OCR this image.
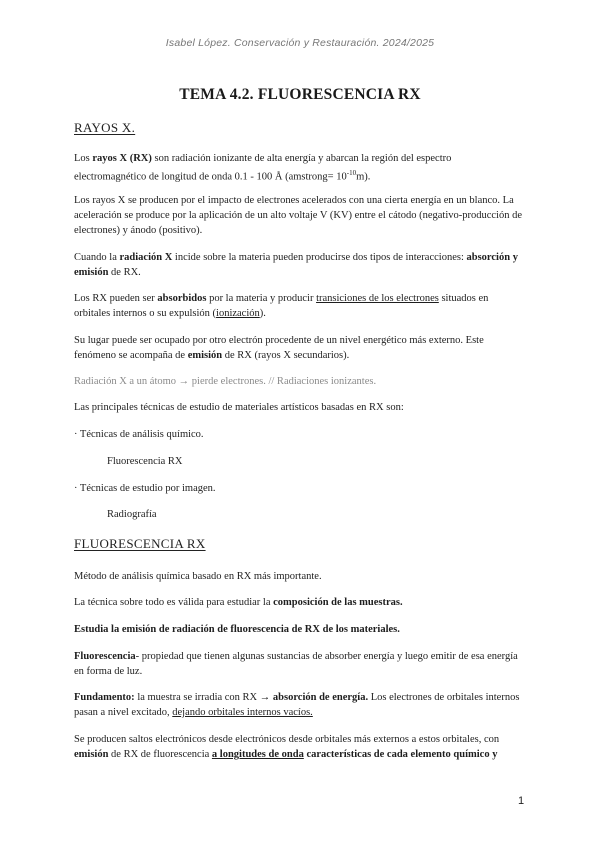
Isabel López. Conservación y Restauración. 2024/2025
TEMA 4.2. FLUORESCENCIA RX
RAYOS X.

Los rayos X (RX) son radiación ionizante de alta energía y abarcan la región del espectro electromagnético de longitud de onda 0.1 - 100 Å (amstrong= $10^{-10}m$).

Los rayos X se producen por el impacto de electrones acelerados con una cierta energía en un blanco. La aceleración se produce por la aplicación de un alto voltaje V (KV) entre el cátodo (negativo-producción de electrones) y ánodo (positivo).

Cuando la radiación X incide sobre la materia pueden producirse dos tipos de interacciones: absorción y emisión de RX.

Los RX pueden ser absorbidos por la materia y producir transiciones de los electrones situados en orbitales internos o su expulsión (ionización).

Su lugar puede ser ocupado por otro electrón procedente de un nivel energético más externo. Este fenómeno se acompaña de emisión de RX (rayos X secundarios).

Radiación X a un átomo → pierde electrones. // Radiaciones ionizantes.

Las principales técnicas de estudio de materiales artísticos basadas en RX son:

· Técnicas de análisis químico.

Fluorescencia RX

· Técnicas de estudio por imagen.

Radiografía

FLUORESCENCIA RX

Método de análisis química basado en RX más importante.

La técnica sobre todo es válida para estudiar la composición de las muestras.

Estudia la emisión de radiación de fluorescencia de RX de los materiales.

Fluorescencia- propiedad que tienen algunas sustancias de absorber energía y luego emitir de esa energía en forma de luz.

Fundamento: la muestra se irradia con RX → absorción de energía. Los electrones de orbitales internos pasan a nivel excitado, dejando orbitales internos vacíos.

Se producen saltos electrónicos desde electrónicos desde orbitales más externos a estos orbitales, con emisión de RX de fluorescencia a longitudes de onda características de cada elemento químico y

1
